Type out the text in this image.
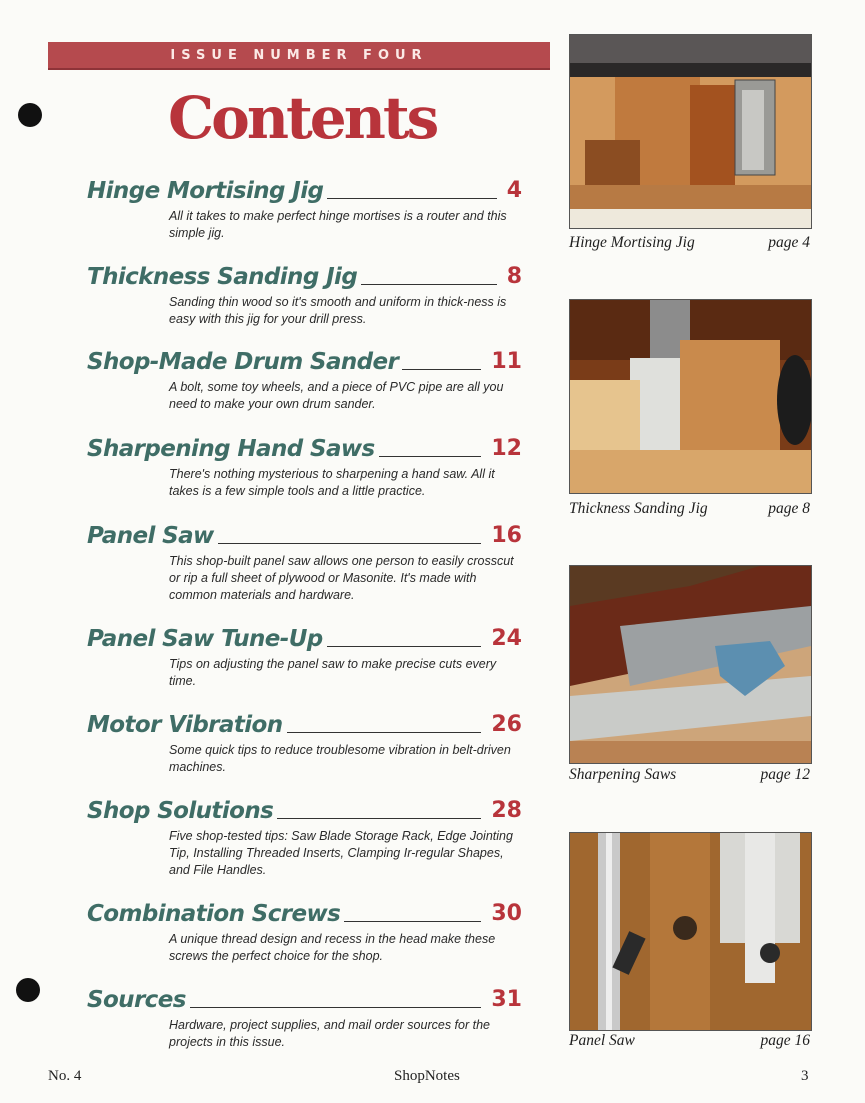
ISSUE NUMBER FOUR
Contents
Hinge Mortising Jig	4
All it takes to make perfect hinge mortises is a router and this simple jig.
Thickness Sanding Jig	8
Sanding thin wood so it's smooth and uniform in thick-ness is easy with this jig for your drill press.
Shop-Made Drum Sander	11
A bolt, some toy wheels, and a piece of PVC pipe are all you need to make your own drum sander.
Sharpening Hand Saws	12
There's nothing mysterious to sharpening a hand saw. All it takes is a few simple tools and a little practice.
Panel Saw	16
This shop-built panel saw allows one person to easily crosscut or rip a full sheet of plywood or Masonite. It's made with common materials and hardware.
Panel Saw Tune-Up	24
Tips on adjusting the panel saw to make precise cuts every time.
Motor Vibration	26
Some quick tips to reduce troublesome vibration in belt-driven machines.
Shop Solutions	28
Five shop-tested tips: Saw Blade Storage Rack, Edge Jointing Tip, Installing Threaded Inserts, Clamping Ir-regular Shapes, and File Handles.
Combination Screws	30
A unique thread design and recess in the head make these screws the perfect choice for the shop.
Sources	31
Hardware, project supplies, and mail order sources for the projects in this issue.
Hinge Mortising Jig	page 4
Thickness Sanding Jig	page 8
Sharpening Saws	page 12
Panel Saw	page 16
No. 4	ShopNotes	3
